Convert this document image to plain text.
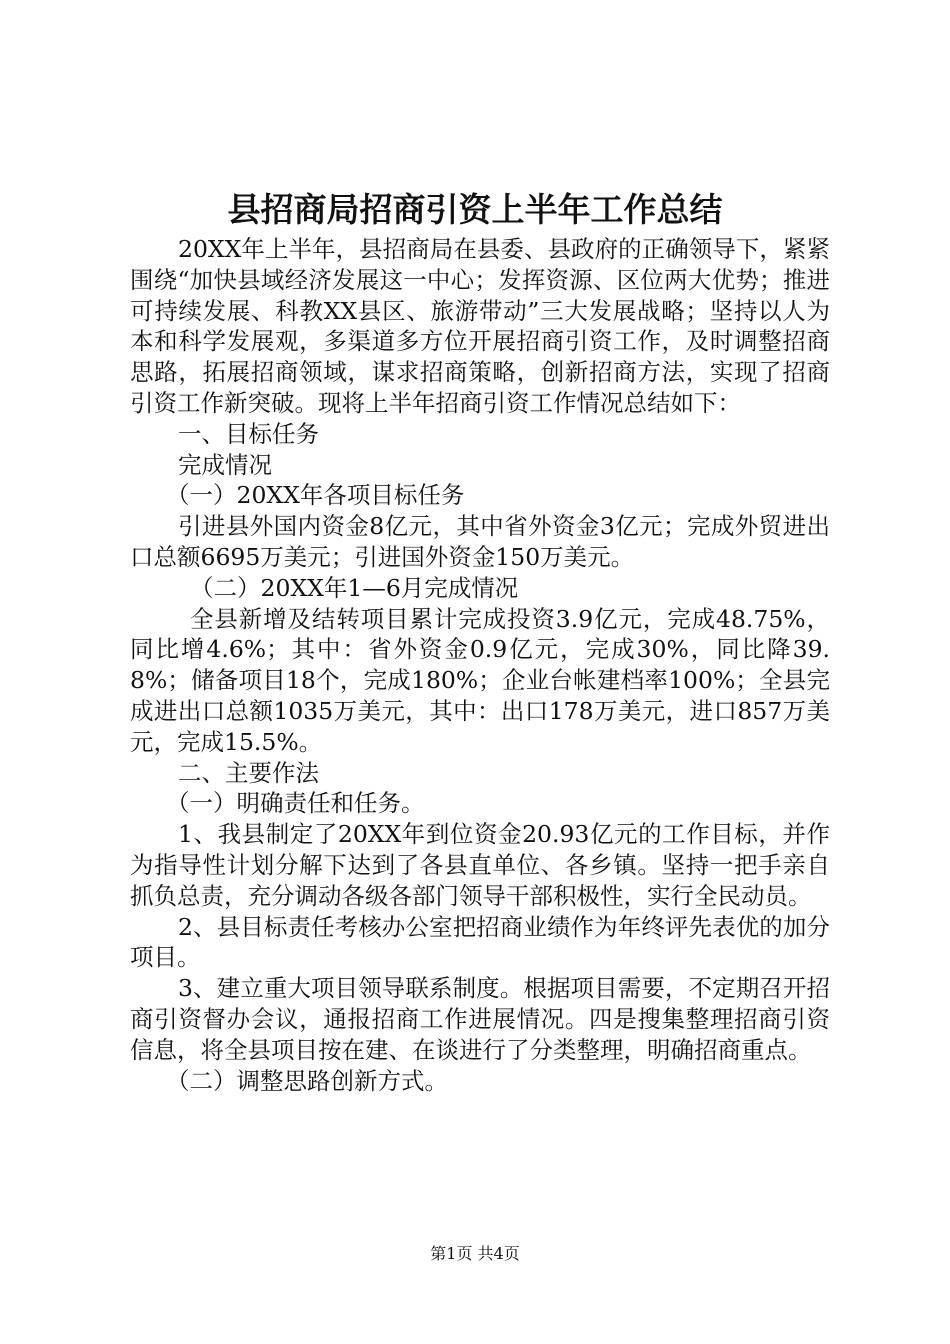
县招商局招商引资上半年工作总结

20XX年上半年，县招商局在县委、县政府的正确领导下，紧紧围绕“加快县域经济发展这一中心；发挥资源、区位两大优势；推进可持续发展、科教XX县区、旅游带动”三大发展战略；坚持以人为本和科学发展观，多渠道多方位开展招商引资工作，及时调整招商思路，拓展招商领域，谋求招商策略，创新招商方法，实现了招商引资工作新突破。现将上半年招商引资工作情况总结如下：

一、目标任务

完成情况

（一）20XX年各项目标任务

引进县外国内资金8亿元，其中省外资金3亿元；完成外贸进出口总额6695万美元；引进国外资金150万美元。

（二）20XX年1—6月完成情况

全县新增及结转项目累计完成投资3.9亿元，完成48.75%，同比增4.6%；其中：省外资金0.9亿元，完成30%，同比降39.8%；储备项目18个，完成180%；企业台帐建档率100%；全县完成进出口总额1035万美元，其中：出口178万美元，进口857万美元，完成15.5%。

二、主要作法

（一）明确责任和任务。

1、我县制定了20XX年到位资金20.93亿元的工作目标，并作为指导性计划分解下达到了各县直单位、各乡镇。坚持一把手亲自抓负总责，充分调动各级各部门领导干部积极性，实行全民动员。

2、县目标责任考核办公室把招商业绩作为年终评先表优的加分项目。

3、建立重大项目领导联系制度。根据项目需要，不定期召开招商引资督办会议，通报招商工作进展情况。四是搜集整理招商引资信息，将全县项目按在建、在谈进行了分类整理，明确招商重点。

（二）调整思路创新方式。

第1页 共4页
